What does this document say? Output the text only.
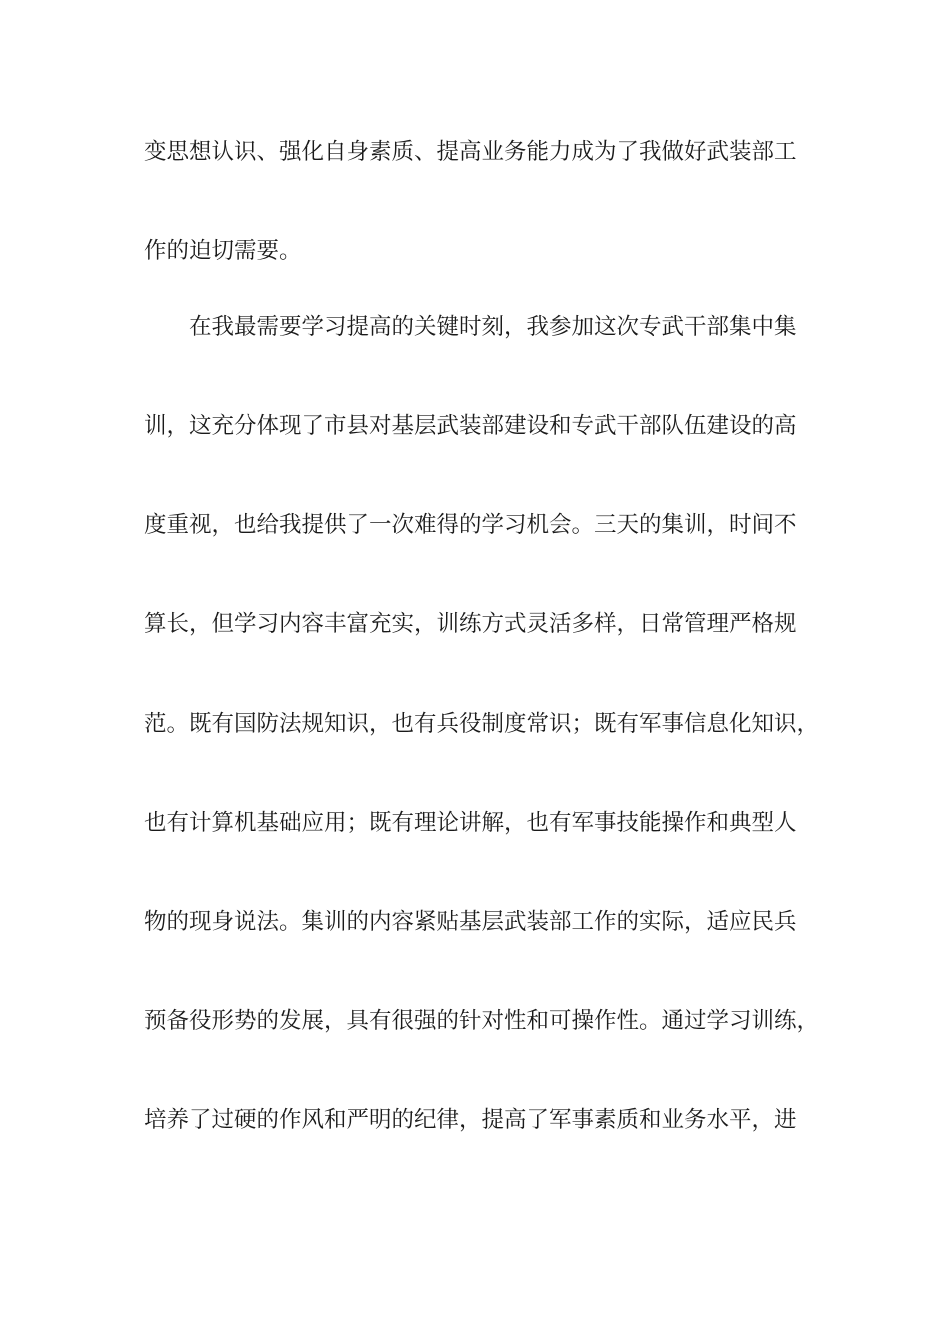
变思想认识、强化自身素质、提高业务能力成为了我做好武装部工
作的迫切需要。
在我最需要学习提高的关键时刻，我参加这次专武干部集中集
训，这充分体现了市县对基层武装部建设和专武干部队伍建设的高
度重视，也给我提供了一次难得的学习机会。三天的集训，时间不
算长，但学习内容丰富充实，训练方式灵活多样，日常管理严格规
范。既有国防法规知识，也有兵役制度常识；既有军事信息化知识，
也有计算机基础应用；既有理论讲解，也有军事技能操作和典型人
物的现身说法。集训的内容紧贴基层武装部工作的实际，适应民兵
预备役形势的发展，具有很强的针对性和可操作性。通过学习训练，
培养了过硬的作风和严明的纪律，提高了军事素质和业务水平，进
